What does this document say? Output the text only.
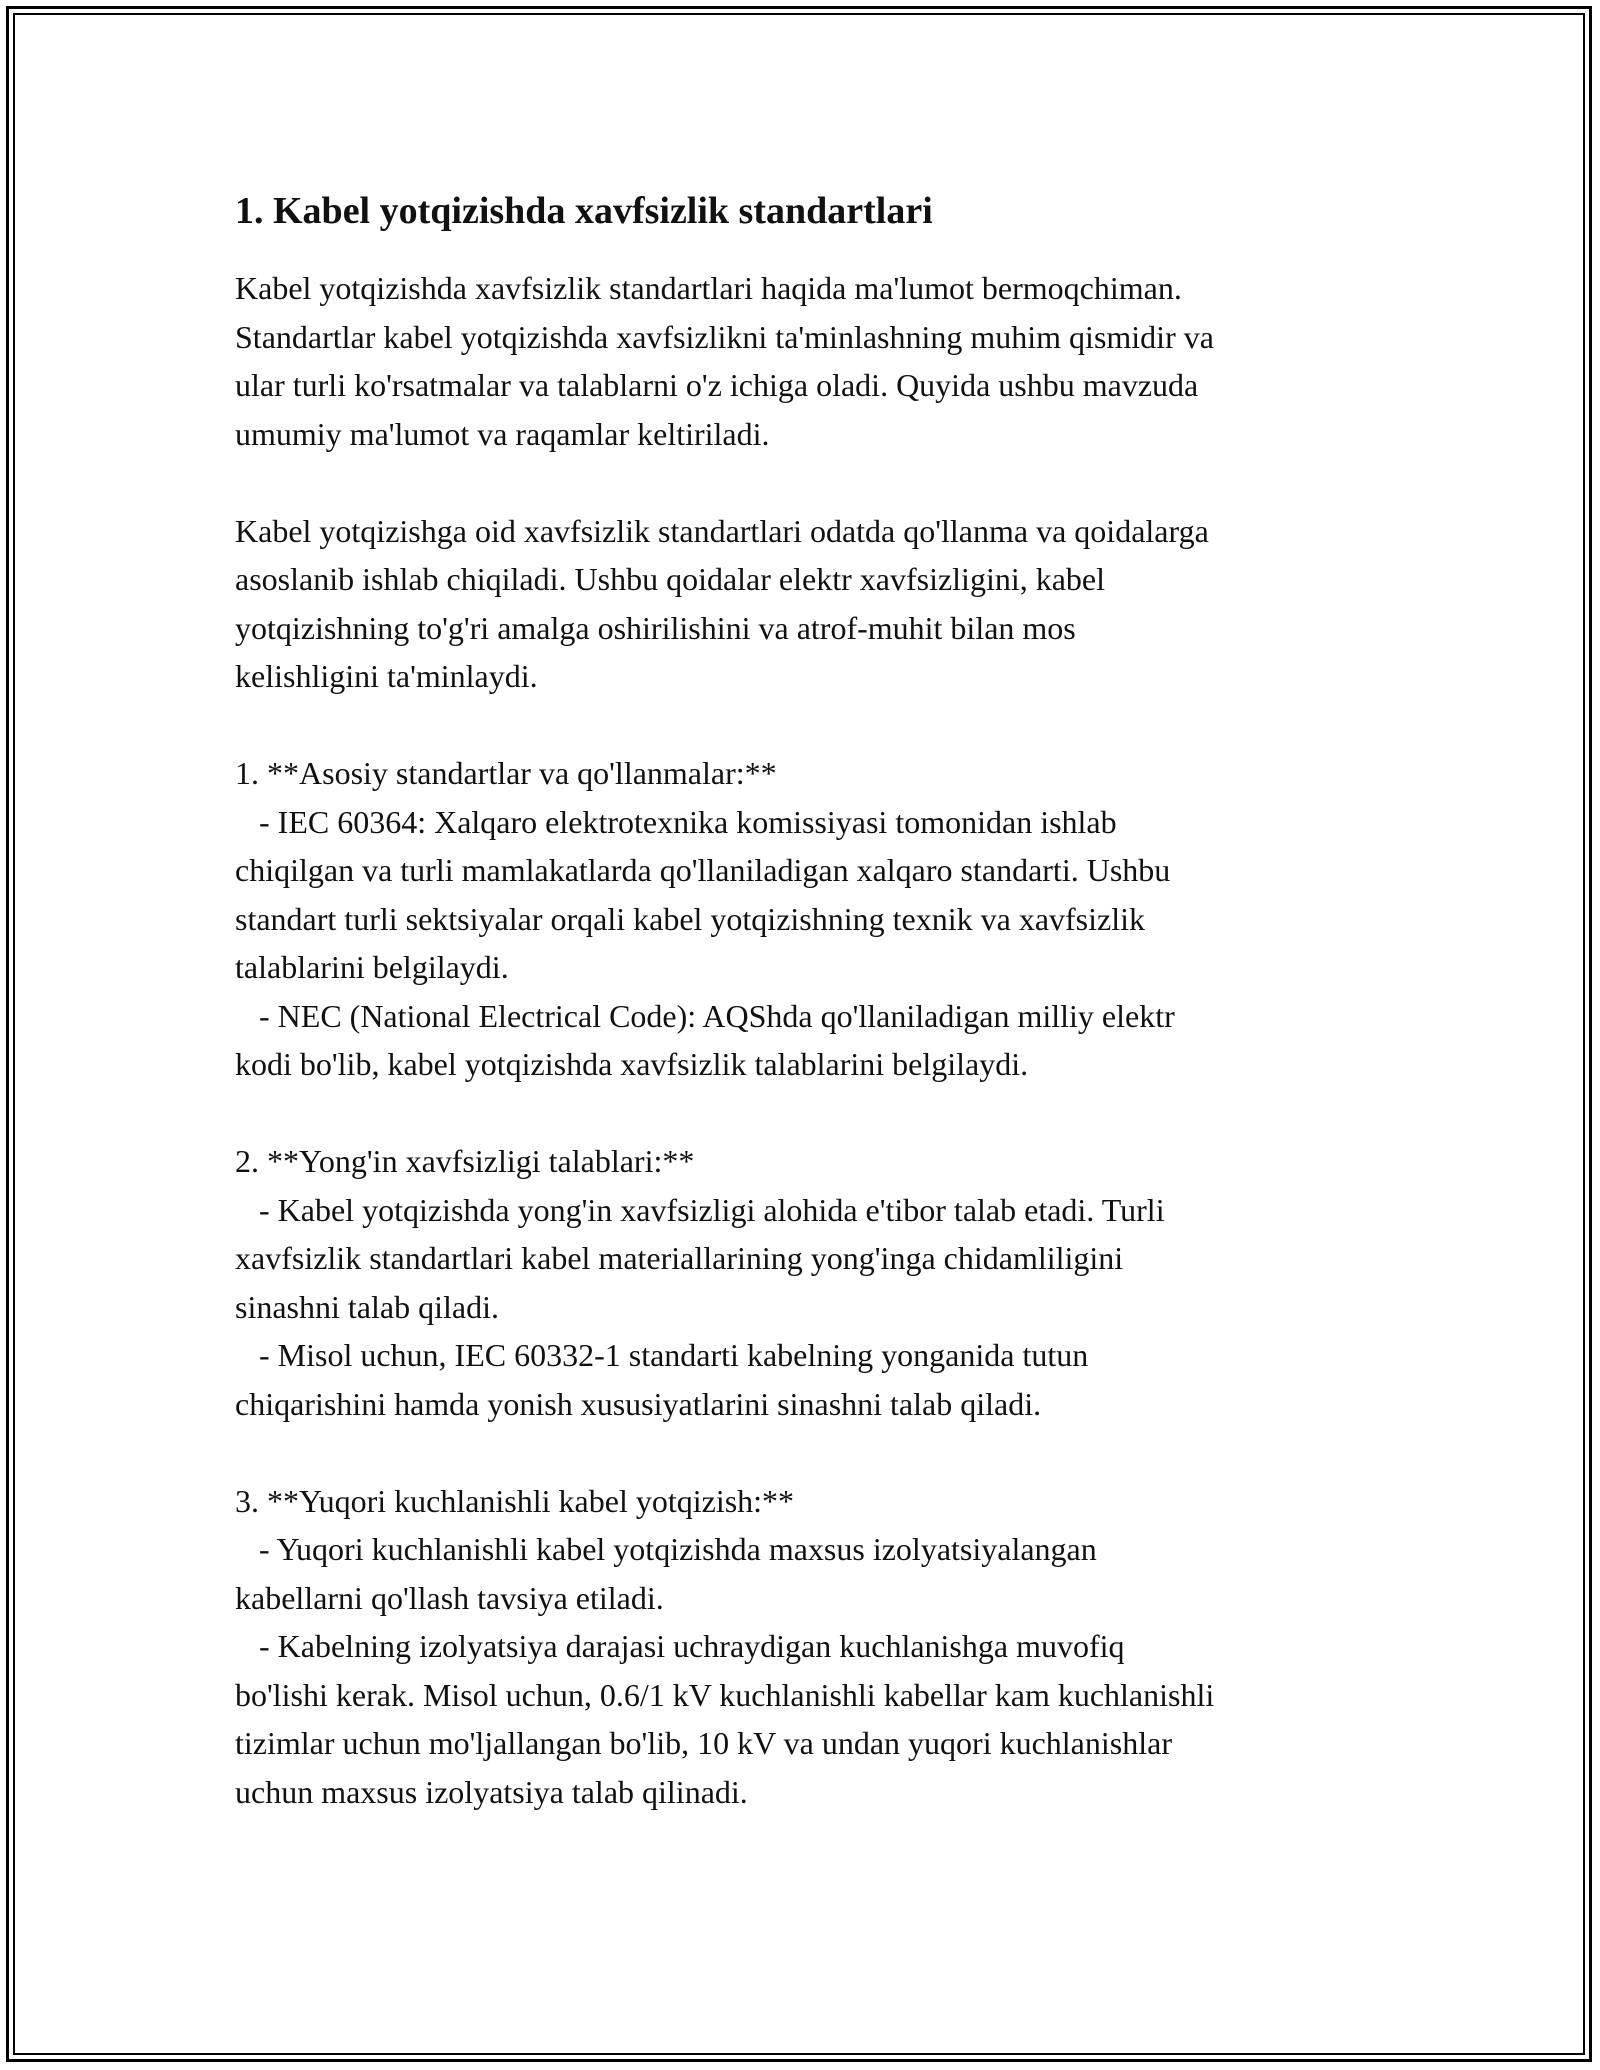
1. Kabel yotqizishda xavfsizlik standartlari

Kabel yotqizishda xavfsizlik standartlari haqida ma'lumot bermoqchiman.
Standartlar kabel yotqizishda xavfsizlikni ta'minlashning muhim qismidir va
ular turli ko'rsatmalar va talablarni o'z ichiga oladi. Quyida ushbu mavzuda
umumiy ma'lumot va raqamlar keltiriladi.

Kabel yotqizishga oid xavfsizlik standartlari odatda qo'llanma va qoidalarga
asoslanib ishlab chiqiladi. Ushbu qoidalar elektr xavfsizligini, kabel
yotqizishning to'g'ri amalga oshirilishini va atrof-muhit bilan mos
kelishligini ta'minlaydi.

1. **Asosiy standartlar va qo'llanmalar:**
- IEC 60364: Xalqaro elektrotexnika komissiyasi tomonidan ishlab
chiqilgan va turli mamlakatlarda qo'llaniladigan xalqaro standarti. Ushbu
standart turli sektsiyalar orqali kabel yotqizishning texnik va xavfsizlik
talablarini belgilaydi.
- NEC (National Electrical Code): AQShda qo'llaniladigan milliy elektr
kodi bo'lib, kabel yotqizishda xavfsizlik talablarini belgilaydi.

2. **Yong'in xavfsizligi talablari:**
- Kabel yotqizishda yong'in xavfsizligi alohida e'tibor talab etadi. Turli
xavfsizlik standartlari kabel materiallarining yong'inga chidamliligini
sinashni talab qiladi.
- Misol uchun, IEC 60332-1 standarti kabelning yonganida tutun
chiqarishini hamda yonish xususiyatlarini sinashni talab qiladi.

3. **Yuqori kuchlanishli kabel yotqizish:**
- Yuqori kuchlanishli kabel yotqizishda maxsus izolyatsiyalangan
kabellarni qo'llash tavsiya etiladi.
- Kabelning izolyatsiya darajasi uchraydigan kuchlanishga muvofiq
bo'lishi kerak. Misol uchun, 0.6/1 kV kuchlanishli kabellar kam kuchlanishli
tizimlar uchun mo'ljallangan bo'lib, 10 kV va undan yuqori kuchlanishlar
uchun maxsus izolyatsiya talab qilinadi.
